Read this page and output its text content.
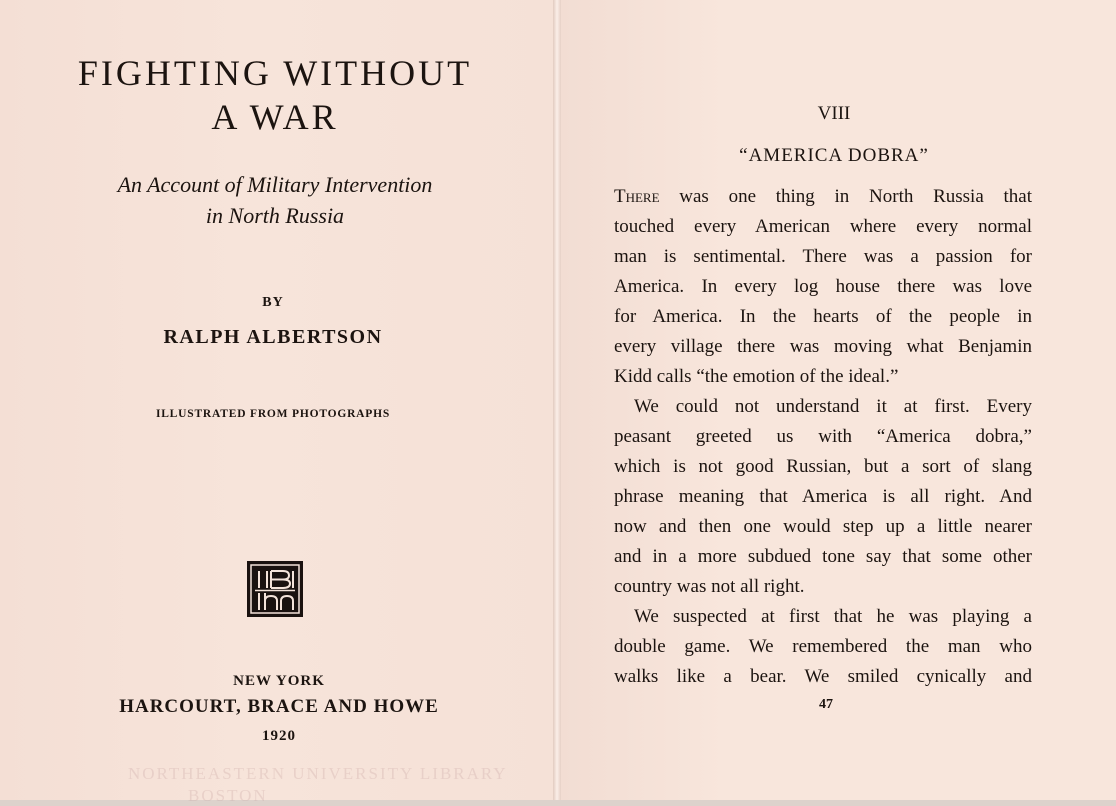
FIGHTING WITHOUT
A WAR
An Account of Military Intervention
in North Russia
BY
RALPH ALBERTSON
ILLUSTRATED FROM PHOTOGRAPHS
NEW YORK
HARCOURT, BRACE AND HOWE
1920
NORTHEASTERN UNIVERSITY LIBRARY
BOSTON
VIII
“AMERICA DOBRA”
There was one thing in North Russia that
touched every American where every normal
man is sentimental. There was a passion for
America. In every log house there was love
for America. In the hearts of the people in
every village there was moving what Benjamin
Kidd calls “the emotion of the ideal.”
We could not understand it at first. Every
peasant greeted us with “America dobra,”
which is not good Russian, but a sort of slang
phrase meaning that America is all right. And
now and then one would step up a little nearer
and in a more subdued tone say that some other
country was not all right.
We suspected at first that he was playing a
double game. We remembered the man who
walks like a bear. We smiled cynically and
47
